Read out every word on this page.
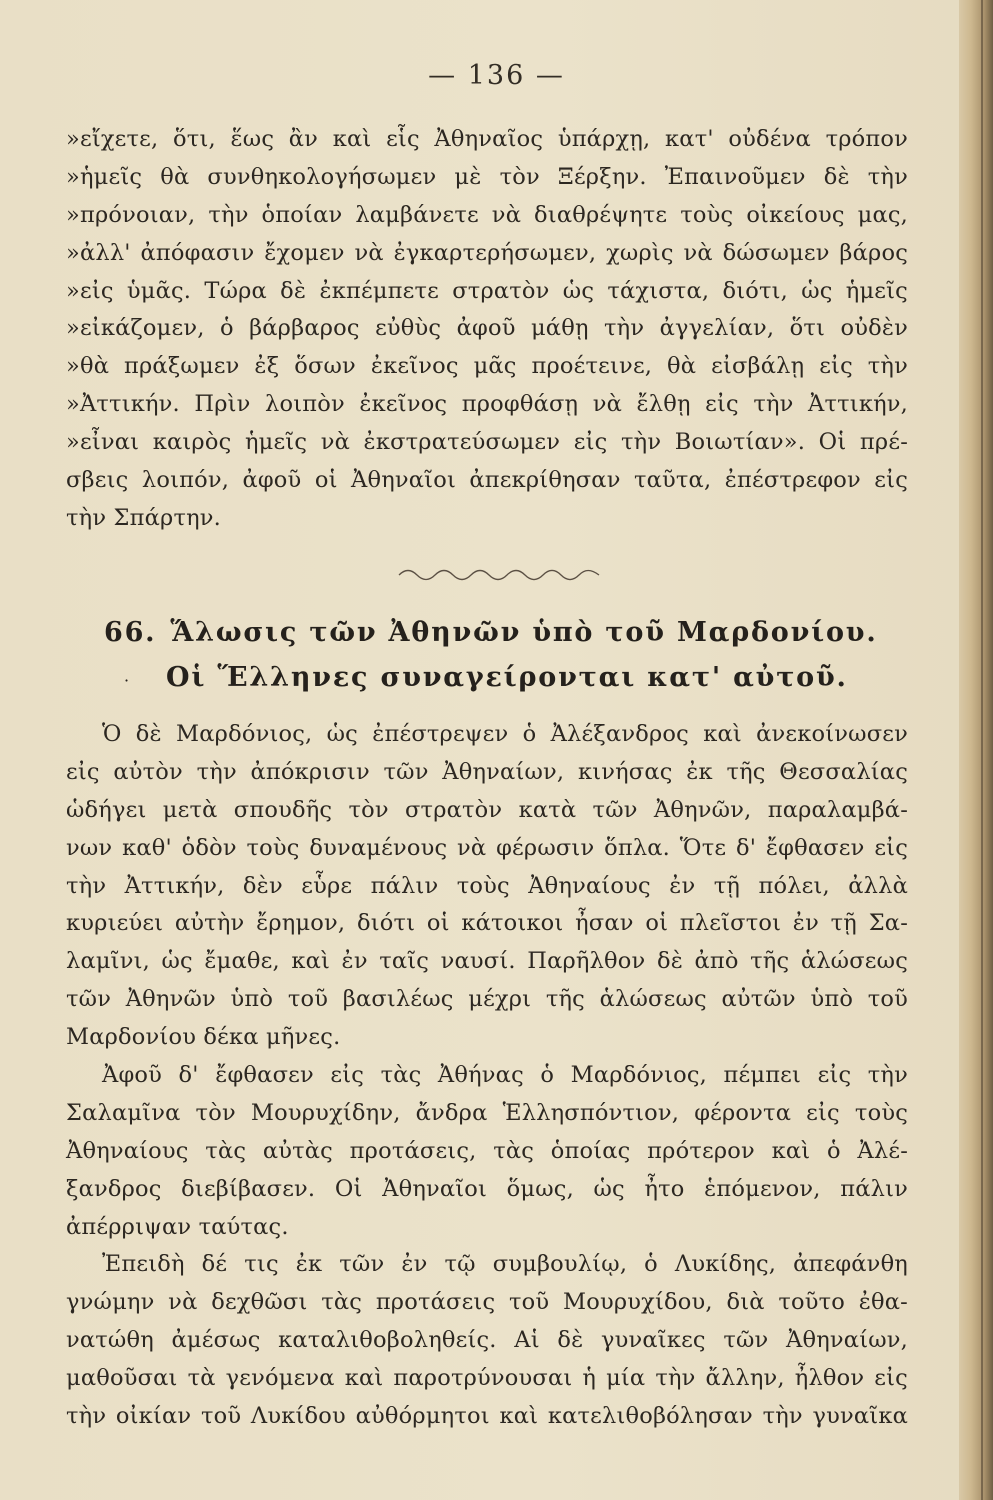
— 136 —
»εἴχετε, ὅτι, ἕως ἂν καὶ εἷς Ἀθηναῖος ὑπάρχῃ, κατ' οὐδένα τρόπον
»ἡμεῖς θὰ συνθηκολογήσωμεν μὲ τὸν Ξέρξην. Ἐπαινοῦμεν δὲ τὴν
»πρόνοιαν, τὴν ὁποίαν λαμβάνετε νὰ διαθρέψητε τοὺς οἰκείους μας,
»ἀλλ' ἀπόφασιν ἔχομεν νὰ ἐγκαρτερήσωμεν, χωρὶς νὰ δώσωμεν βάρος
»εἰς ὑμᾶς. Τώρα δὲ ἐκπέμπετε στρατὸν ὡς τάχιστα, διότι, ὡς ἡμεῖς
»εἰκάζομεν, ὁ βάρβαρος εὐθὺς ἀφοῦ μάθῃ τὴν ἀγγελίαν, ὅτι οὐδὲν
»θὰ πράξωμεν ἐξ ὅσων ἐκεῖνος μᾶς προέτεινε, θὰ εἰσβάλῃ εἰς τὴν
»Ἀττικήν. Πρὶν λοιπὸν ἐκεῖνος προφθάσῃ νὰ ἔλθῃ εἰς τὴν Ἀττικήν,
»εἶναι καιρὸς ἡμεῖς νὰ ἐκστρατεύσωμεν εἰς τὴν Βοιωτίαν». Οἱ πρέ-
σβεις λοιπόν, ἀφοῦ οἱ Ἀθηναῖοι ἀπεκρίθησαν ταῦτα, ἐπέστρεφον εἰς
τὴν Σπάρτην.
66. Ἅλωσις τῶν Ἀθηνῶν ὑπὸ τοῦ Μαρδονίου.
· Οἱ Ἕλληνες συναγείρονται κατ' αὐτοῦ.
Ὁ δὲ Μαρδόνιος, ὡς ἐπέστρεψεν ὁ Ἀλέξανδρος καὶ ἀνεκοίνωσεν
εἰς αὐτὸν τὴν ἀπόκρισιν τῶν Ἀθηναίων, κινήσας ἐκ τῆς Θεσσαλίας
ὡδήγει μετὰ σπουδῆς τὸν στρατὸν κατὰ τῶν Ἀθηνῶν, παραλαμβά-
νων καθ' ὁδὸν τοὺς δυναμένους νὰ φέρωσιν ὅπλα. Ὅτε δ' ἔφθασεν εἰς
τὴν Ἀττικήν, δὲν εὗρε πάλιν τοὺς Ἀθηναίους ἐν τῇ πόλει, ἀλλὰ
κυριεύει αὐτὴν ἔρημον, διότι οἱ κάτοικοι ἦσαν οἱ πλεῖστοι ἐν τῇ Σα-
λαμῖνι, ὡς ἔμαθε, καὶ ἐν ταῖς ναυσί. Παρῆλθον δὲ ἀπὸ τῆς ἁλώσεως
τῶν Ἀθηνῶν ὑπὸ τοῦ βασιλέως μέχρι τῆς ἁλώσεως αὐτῶν ὑπὸ τοῦ
Μαρδονίου δέκα μῆνες.
Ἀφοῦ δ' ἔφθασεν εἰς τὰς Ἀθήνας ὁ Μαρδόνιος, πέμπει εἰς τὴν
Σαλαμῖνα τὸν Μουρυχίδην, ἄνδρα Ἑλλησπόντιον, φέροντα εἰς τοὺς
Ἀθηναίους τὰς αὐτὰς προτάσεις, τὰς ὁποίας πρότερον καὶ ὁ Ἀλέ-
ξανδρος διεβίβασεν. Οἱ Ἀθηναῖοι ὅμως, ὡς ἦτο ἑπόμενον, πάλιν
ἀπέρριψαν ταύτας.
Ἐπειδὴ δέ τις ἐκ τῶν ἐν τῷ συμβουλίῳ, ὁ Λυκίδης, ἀπεφάνθη
γνώμην νὰ δεχθῶσι τὰς προτάσεις τοῦ Μουρυχίδου, διὰ τοῦτο ἐθα-
νατώθη ἀμέσως καταλιθοβοληθείς. Αἱ δὲ γυναῖκες τῶν Ἀθηναίων,
μαθοῦσαι τὰ γενόμενα καὶ παροτρύνουσαι ἡ μία τὴν ἄλλην, ἦλθον εἰς
τὴν οἰκίαν τοῦ Λυκίδου αὐθόρμητοι καὶ κατελιθοβόλησαν τὴν γυναῖκα
